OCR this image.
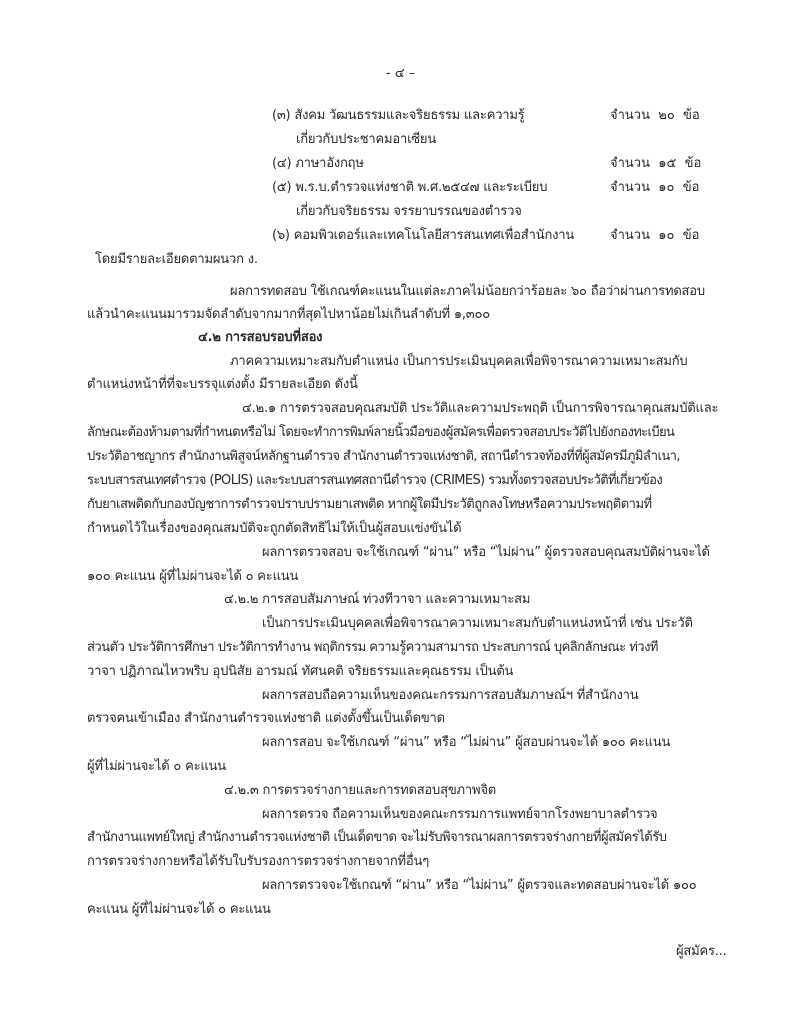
- ๔ –
(๓) สังคม วัฒนธรรมและจริยธรรม และความรู้	จำนวน ๒๐ ข้อ
เกี่ยวกับประชาคมอาเซียน
(๔) ภาษาอังกฤษ	จำนวน ๑๕ ข้อ
(๕) พ.ร.บ.ตำรวจแห่งชาติ พ.ศ.๒๕๔๗ และระเบียบ	จำนวน ๑๐ ข้อ
เกี่ยวกับจริยธรรม จรรยาบรรณของตำรวจ
(๖) คอมพิวเตอร์และเทคโนโลยีสารสนเทศเพื่อสำนักงาน	จำนวน ๑๐ ข้อ
โดยมีรายละเอียดตามผนวก ง.
ผลการทดสอบ ใช้เกณฑ์คะแนนในแต่ละภาคไม่น้อยกว่าร้อยละ ๖๐ ถือว่าผ่านการทดสอบ
แล้วนำคะแนนมารวมจัดลำดับจากมากที่สุดไปหาน้อยไม่เกินลำดับที่ ๑,๓๐๐
๔.๒ การสอบรอบที่สอง
ภาคความเหมาะสมกับตำแหน่ง เป็นการประเมินบุคคลเพื่อพิจารณาความเหมาะสมกับ
ตำแหน่งหน้าที่ที่จะบรรจุแต่งตั้ง มีรายละเอียด ดังนี้
๔.๒.๑ การตรวจสอบคุณสมบัติ ประวัติและความประพฤติ เป็นการพิจารณาคุณสมบัติและ
ลักษณะต้องห้ามตามที่กำหนดหรือไม่ โดยจะทำการพิมพ์ลายนิ้วมือของผู้สมัครเพื่อตรวจสอบประวัติไปยังกองทะเบียน
ประวัติอาชญากร สำนักงานพิสูจน์หลักฐานตำรวจ สำนักงานตำรวจแห่งชาติ, สถานีตำรวจท้องที่ที่ผู้สมัครมีภูมิลำเนา,
ระบบสารสนเทศตำรวจ (POLIS) และระบบสารสนเทศสถานีตำรวจ (CRIMES) รวมทั้งตรวจสอบประวัติที่เกี่ยวข้อง
กับยาเสพติดกับกองบัญชาการตำรวจปราบปรามยาเสพติด หากผู้ใดมีประวัติถูกลงโทษหรือความประพฤติตามที่
กำหนดไว้ในเรื่องของคุณสมบัติจะถูกตัดสิทธิไม่ให้เป็นผู้สอบแข่งขันได้
ผลการตรวจสอบ จะใช้เกณฑ์ “ผ่าน” หรือ “ไม่ผ่าน” ผู้ตรวจสอบคุณสมบัติผ่านจะได้
๑๐๐ คะแนน ผู้ที่ไม่ผ่านจะได้ ๐ คะแนน
๔.๒.๒ การสอบสัมภาษณ์ ท่วงทีวาจา และความเหมาะสม
เป็นการประเมินบุคคลเพื่อพิจารณาความเหมาะสมกับตำแหน่งหน้าที่ เช่น ประวัติ
ส่วนตัว ประวัติการศึกษา ประวัติการทำงาน พฤติกรรม ความรู้ความสามารถ ประสบการณ์ บุคลิกลักษณะ ท่วงที
วาจา ปฏิภาณไหวพริบ อุปนิสัย อารมณ์ ทัศนคติ จริยธรรมและคุณธรรม เป็นต้น
ผลการสอบถือความเห็นของคณะกรรมการสอบสัมภาษณ์ฯ ที่สำนักงาน
ตรวจคนเข้าเมือง สำนักงานตำรวจแห่งชาติ แต่งตั้งขึ้นเป็นเด็ดขาด
ผลการสอบ จะใช้เกณฑ์ “ผ่าน” หรือ “ไม่ผ่าน” ผู้สอบผ่านจะได้ ๑๐๐ คะแนน
ผู้ที่ไม่ผ่านจะได้ ๐ คะแนน
๔.๒.๓ การตรวจร่างกายและการทดสอบสุขภาพจิต
ผลการตรวจ ถือความเห็นของคณะกรรมการแพทย์จากโรงพยาบาลตำรวจ
สำนักงานแพทย์ใหญ่ สำนักงานตำรวจแห่งชาติ เป็นเด็ดขาด จะไม่รับพิจารณาผลการตรวจร่างกายที่ผู้สมัครได้รับ
การตรวจร่างกายหรือได้รับใบรับรองการตรวจร่างกายจากที่อื่นๆ
ผลการตรวจจะใช้เกณฑ์ “ผ่าน” หรือ “ไม่ผ่าน” ผู้ตรวจและทดสอบผ่านจะได้ ๑๐๐
คะแนน ผู้ที่ไม่ผ่านจะได้ ๐ คะแนน
ผู้สมัคร...
